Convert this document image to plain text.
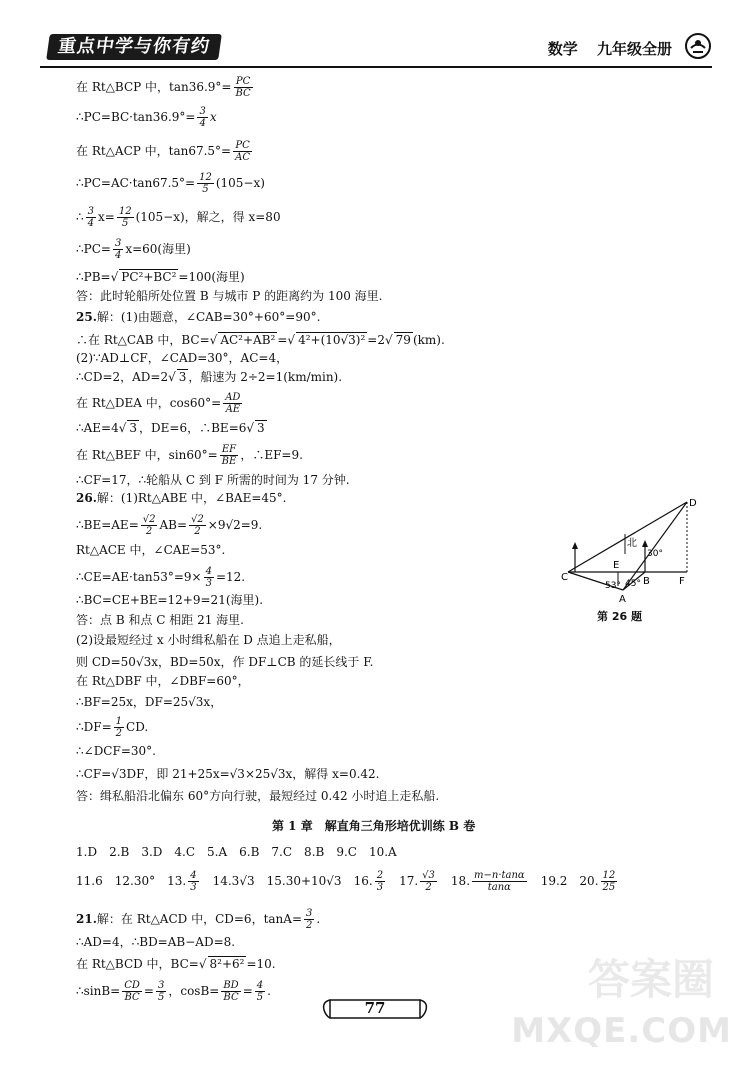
重点中学与你有约	数学 九年级全册
在 Rt△BCP 中，$\tan 36.9^\circ= \frac{PC}{BC}$
∴PC=BC·tan36.9°= $\frac{3}{4}$ x
在 Rt△ACP 中，$\tan 67.5^\circ= \frac{PC}{AC}$
∴PC=AC·tan67.5°= $\frac{12}{5} (105-x)$
∴ $\frac{3}{4} x= \frac{12}{5} (105-x)$，解之，得 x=80
∴PC= $\frac{3}{4} x=60$(海里)
∴PB=√ PC²+BC² =100(海里)
答：此时轮船所处位置 B 与城市 P 的距离约为 100 海里.
25.解：(1)由题意，∠CAB=30°+60°=90°.
∴在 Rt△CAB 中，BC=√ AC²+AB² =√ 4²+(10√3)² =2√ 79 (km).
(2)∵AD⊥CF，∠CAD=30°，AC=4，
∴CD=2，AD=2√ 3 ，船速为 2÷2=1(km/min).
在 Rt△DEA 中，$\cos 60^\circ= \frac{AD}{AE}$
∴AE=4√ 3 ，DE=6，∴BE=6√ 3
在 Rt△BEF 中，$\sin 60^\circ= \frac{EF}{BE}$ ，∴EF=9.
∴CF=17，∴轮船从 C 到 F 所需的时间为 17 分钟.
26.解：(1)Rt△ABE 中，∠BAE=45°.
∴BE=AE= $\frac{√2}{2} AB= \frac{√2}{2} \times 9√2=9$.
Rt△ACE 中，∠CAE=53°.
∴CE=AE·tan53°=9× $\frac{4}{3} =12$.
∴BC=CE+BE=12+9=21(海里).
答：点 B 和点 C 相距 21 海里.
(2)设最短经过 x 小时缉私船在 D 点追上走私船，
则 CD=50√3x，BD=50x，作 DF⊥CB 的延长线于 F.
在 Rt△DBF 中，∠DBF=60°，
∴BF=25x，DF=25√3x，
∴DF= $\frac{1}{2}$ CD.
∴∠DCF=30°.
∴CF=√3DF，即 21+25x=√3×25√3x，解得 x=0.42.
答：缉私船沿北偏东 60°方向行驶，最短经过 0.42 小时追上走私船.
第 1 章　解直角三角形培优训练 B 卷
1.D　2.B　3.D　4.C　5.A　6.B　7.C　8.B　9.C　10.A
11.6　 12.30°　 13. $\frac{4}{3}$
　 14.3√3　 15.30+10√3　 16. $\frac{2}{3}$
　 17. $\frac{√3}{2}$
　 18. $\frac{m-n\cdot\tan\alpha}{\tan\alpha}$
　 19.2　 20. $\frac{12}{25}$
21.解：在 Rt△ACD 中，CD=6，$\tan A= \frac{3}{2}$ .
∴AD=4，∴BD=AB−AD=8.
在 Rt△BCD 中，BC=√ 8²+6² =10.
∴sinB= $\frac{CD}{BC} = \frac{3}{5}$ ，$\cos B= \frac{BD}{BC} = \frac{4}{5}$ .
C
E
B	F
A
D
北
30°
53° 45°
第 26 题
77
答案圈
MXQE.COM
